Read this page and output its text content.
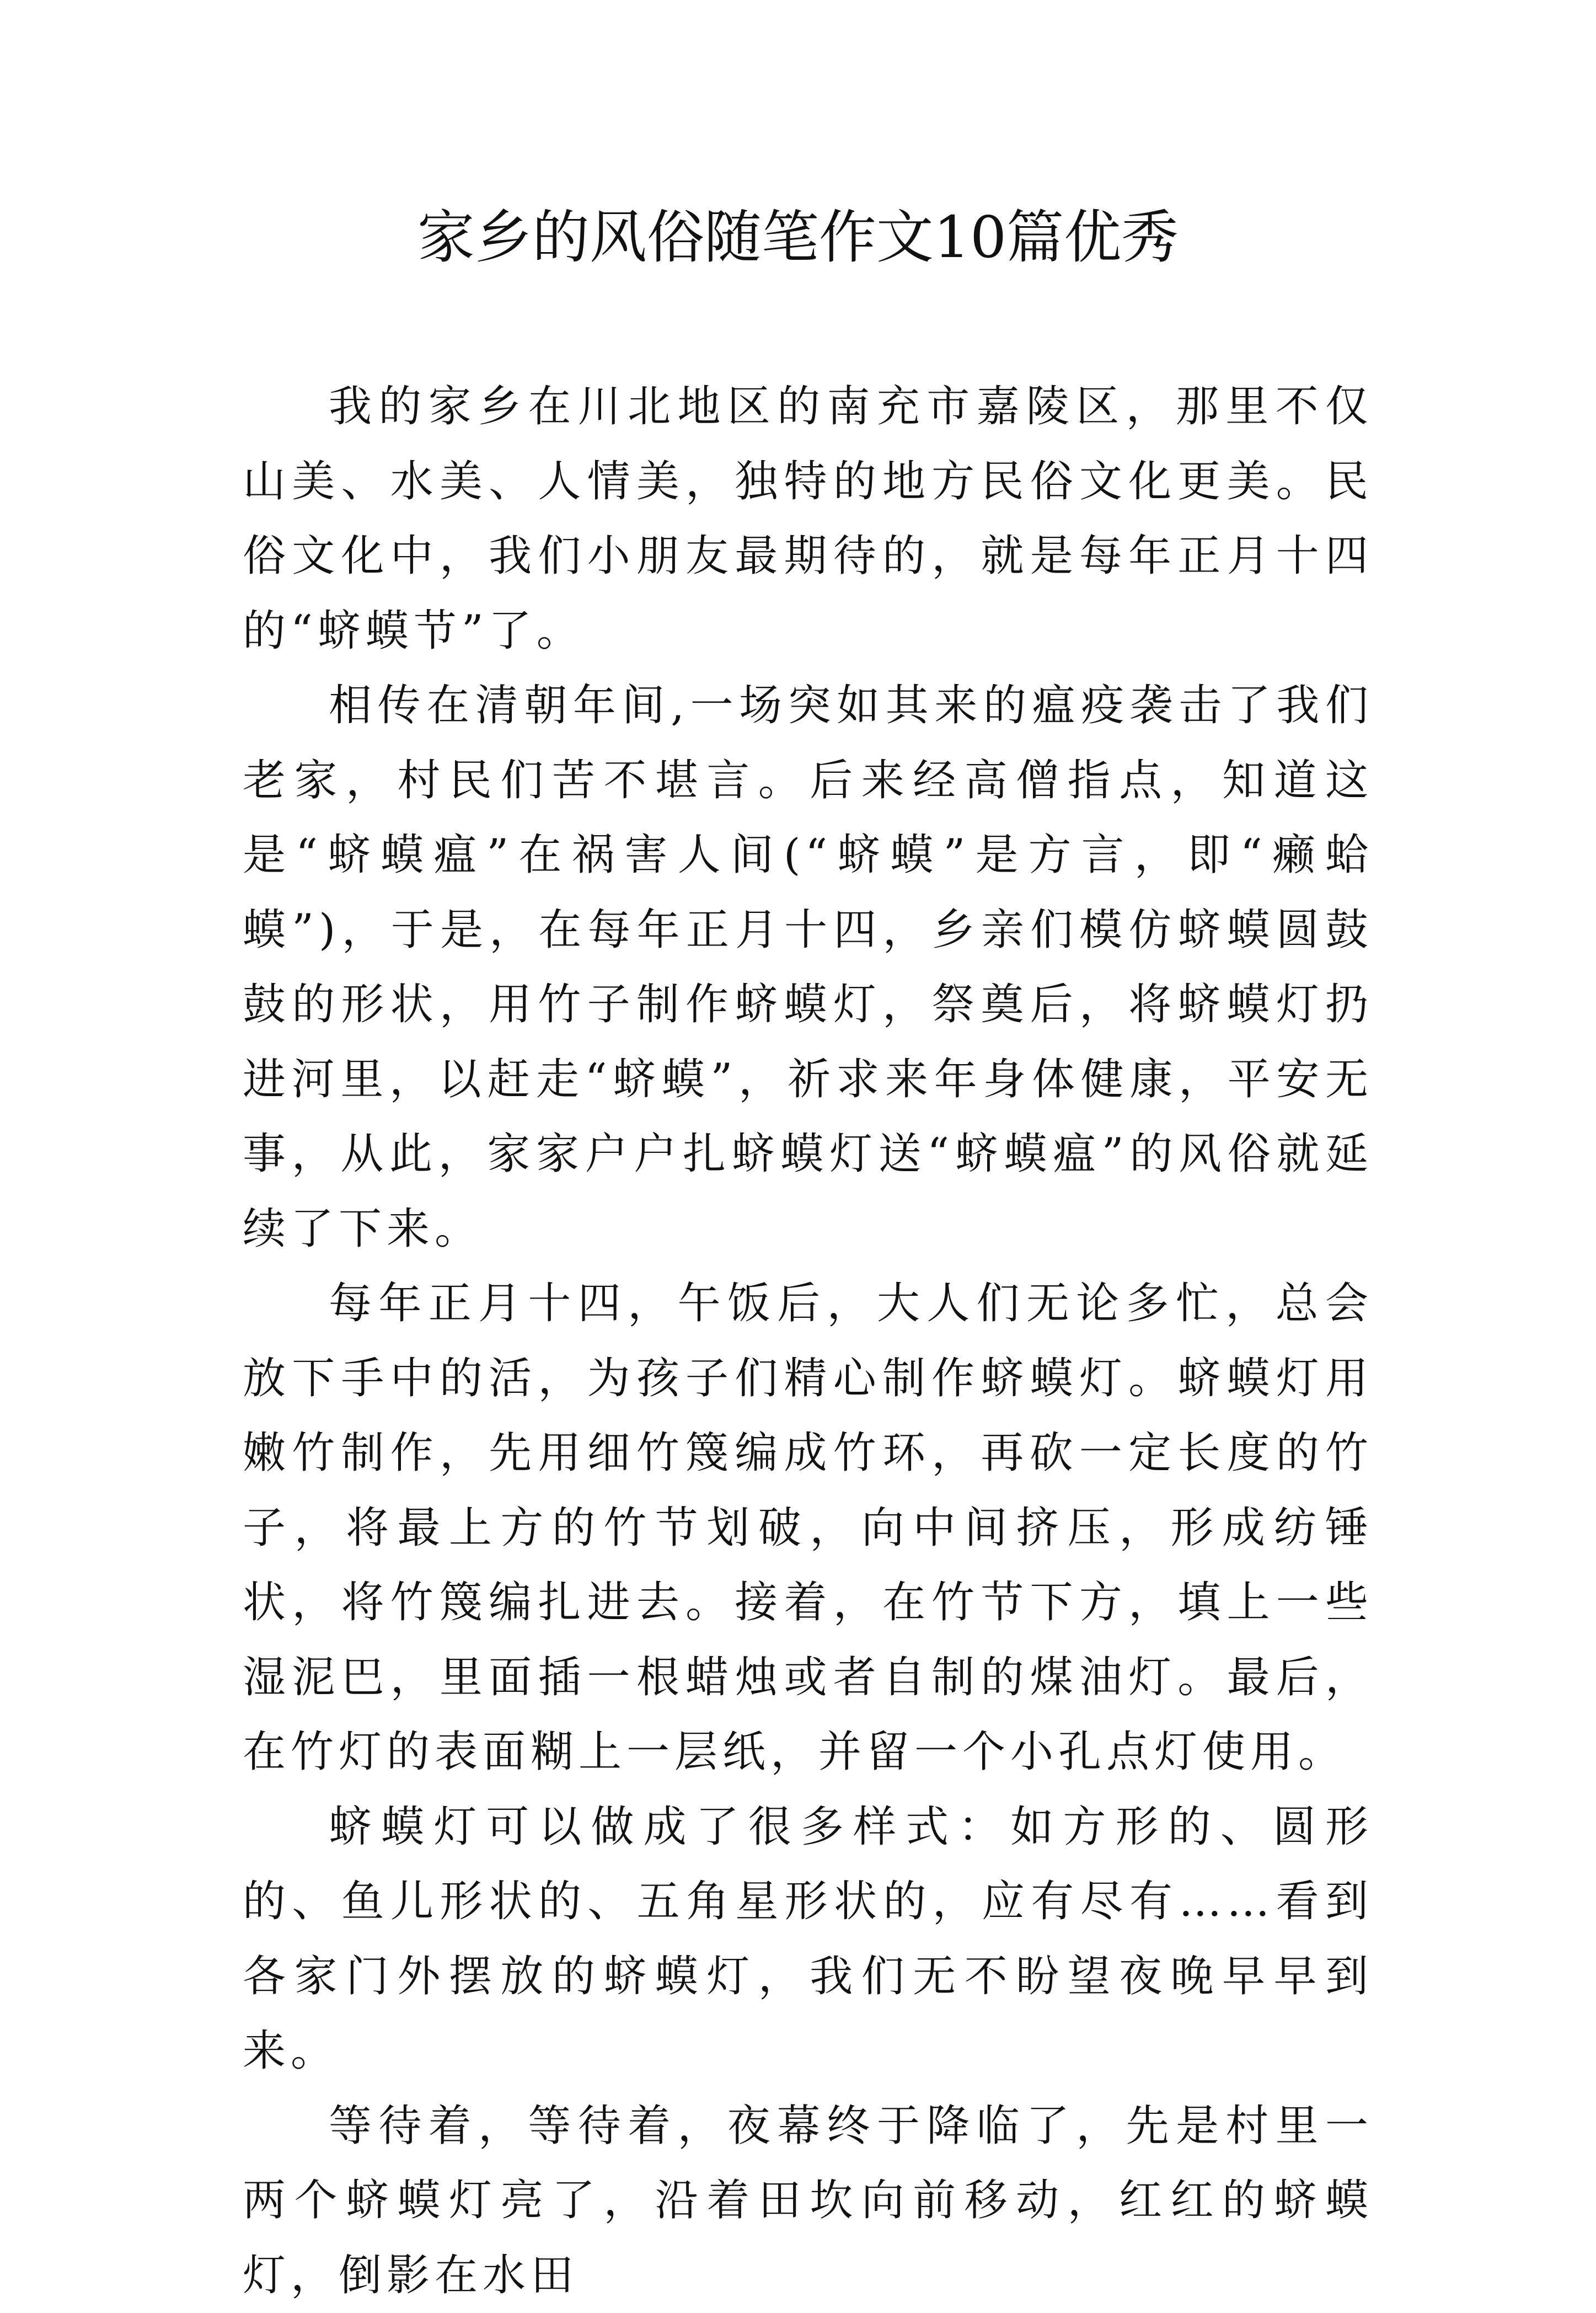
家乡的风俗随笔作文10篇优秀

我的家乡在川北地区的南充市嘉陵区，那里不仅山美、水美、人情美，独特的地方民俗文化更美。民俗文化中，我们小朋友最期待的，就是每年正月十四的“蛴蟆节”了。

相传在清朝年间,一场突如其来的瘟疫袭击了我们老家，村民们苦不堪言。后来经高僧指点，知道这是“蛴蟆瘟”在祸害人间(“蛴蟆”是方言，即“癞蛤蟆”)，于是，在每年正月十四，乡亲们模仿蛴蟆圆鼓鼓的形状，用竹子制作蛴蟆灯，祭奠后，将蛴蟆灯扔进河里，以赶走“蛴蟆”，祈求来年身体健康，平安无事，从此，家家户户扎蛴蟆灯送“蛴蟆瘟”的风俗就延续了下来。

每年正月十四，午饭后，大人们无论多忙，总会放下手中的活，为孩子们精心制作蛴蟆灯。蛴蟆灯用嫩竹制作，先用细竹篾编成竹环，再砍一定长度的竹子，将最上方的竹节划破，向中间挤压，形成纺锤状，将竹篾编扎进去。接着，在竹节下方，填上一些湿泥巴，里面插一根蜡烛或者自制的煤油灯。最后，在竹灯的表面糊上一层纸，并留一个小孔点灯使用。

蛴蟆灯可以做成了很多样式：如方形的、圆形的、鱼儿形状的、五角星形状的，应有尽有……看到各家门外摆放的蛴蟆灯，我们无不盼望夜晚早早到来。

等待着，等待着，夜幕终于降临了，先是村里一两个蛴蟆灯亮了，沿着田坎向前移动，红红的蛴蟆灯，倒影在水田
